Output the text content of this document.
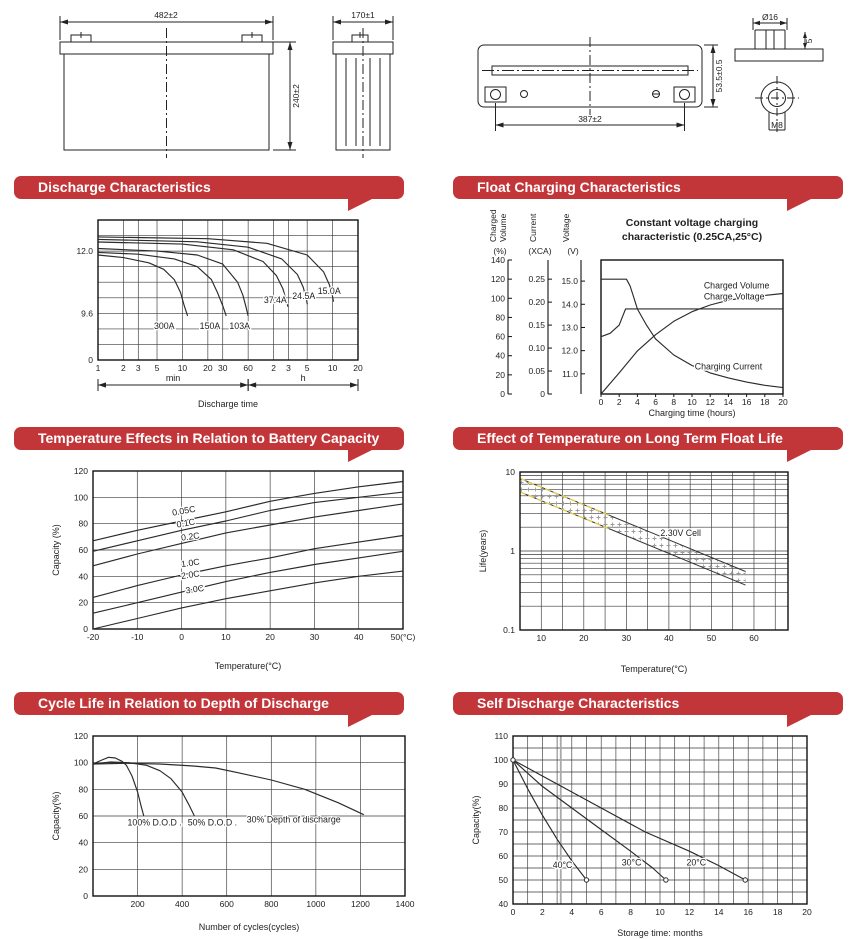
482±2
240±2
170±1
387±2
53.5±0.5
Ø16
5
M8
Discharge Characteristics	Float Charging Characteristics
Temperature Effects in Relation to Battery Capacity	Effect of Temperature on Long Term Float Life
Cycle Life in Relation to Depth of Discharge	Self Discharge Characteristics
1 2 3 5 10 20 30 60 2 3 5 10 20
Discharge time
12.0
9.6
0
300A	150A 103A
37.4A 24.5A
15.0A
min	h
0 2 4 6 8 10 12 14 16 18 20
Charging time (hours)
140
120
100
80
60
40
20
0
(%)
ChargedVolume
0.25
0.20
0.15
0.10
0.05
0
(XCA)
Current
15.0
14.0
13.0
12.0
11.0
(V)
Voltage	Constant voltage charging
characteristic (0.25CA,25°C)
Charged Volume
Charge Voltage
Charging Current
-20	-10	0	10	20	30	40	50(°C)
Temperature(°C)
0
20
40
60
80
100
120
Capacity (%)
0.05C
0.1C
0.2C
1.0C
2.0C
3.0C
10	20	30	40	50	60
Temperature(°C)
10
1
0.1
Life(years)	2.30V Cell
200	400	600	800	1000	1200	1400
Number of cycles(cycles)
0
20
40
60
80
100
120
Capacity(%)	100% D.O.D . 50% D.O.D . 30% Depth of discharge
0	2	4	6	8	10 12 14 16 18 20
Storage time: months
110
100
90
80
70
60
50
40
Capacity(%)
40°C	30°C	20°C
